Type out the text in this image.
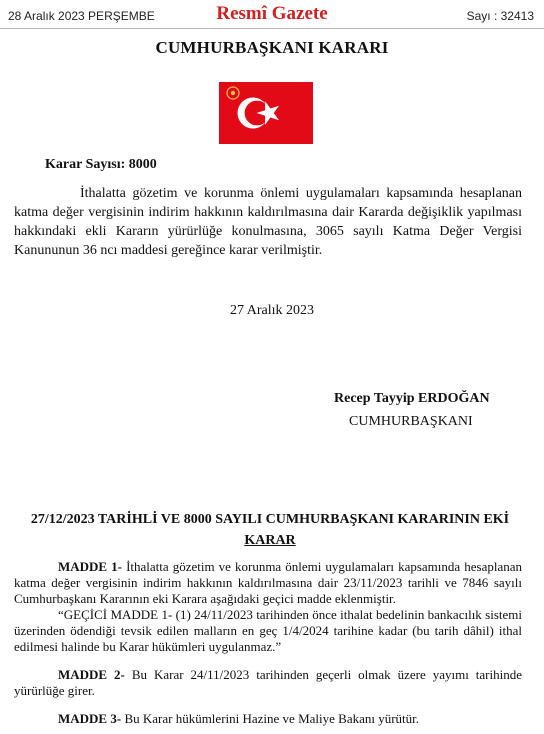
28 Aralık 2023 PERŞEMBE	Resmî Gazete	Sayı : 32413
CUMHURBAŞKANI KARARI
Karar Sayısı: 8000
İthalatta gözetim ve korunma önlemi uygulamaları kapsamında hesaplanan katma değer vergisinin indirim hakkının kaldırılmasına dair Kararda değişiklik yapılması hakkındaki ekli Kararın yürürlüğe konulmasına, 3065 sayılı Katma Değer Vergisi Kanununun 36 ncı maddesi gereğince karar verilmiştir.
27 Aralık 2023
Recep Tayyip ERDOĞAN
CUMHURBAŞKANI
27/12/2023 TARİHLİ VE 8000 SAYILI CUMHURBAŞKANI KARARININ EKİ
KARAR
MADDE 1- İthalatta gözetim ve korunma önlemi uygulamaları kapsamında hesaplanan katma değer vergisinin indirim hakkının kaldırılmasına dair 23/11/2023 tarihli ve 7846 sayılı Cumhurbaşkanı Kararının eki Karara aşağıdaki geçici madde eklenmiştir.

“GEÇİCİ MADDE 1- (1) 24/11/2023 tarihinden önce ithalat bedelinin bankacılık sistemi üzerinden ödendiği tevsik edilen malların en geç 1/4/2024 tarihine kadar (bu tarih dâhil) ithal edilmesi halinde bu Karar hükümleri uygulanmaz.”

MADDE 2- Bu Karar 24/11/2023 tarihinden geçerli olmak üzere yayımı tarihinde yürürlüğe girer.
MADDE 3- Bu Karar hükümlerini Hazine ve Maliye Bakanı yürütür.
